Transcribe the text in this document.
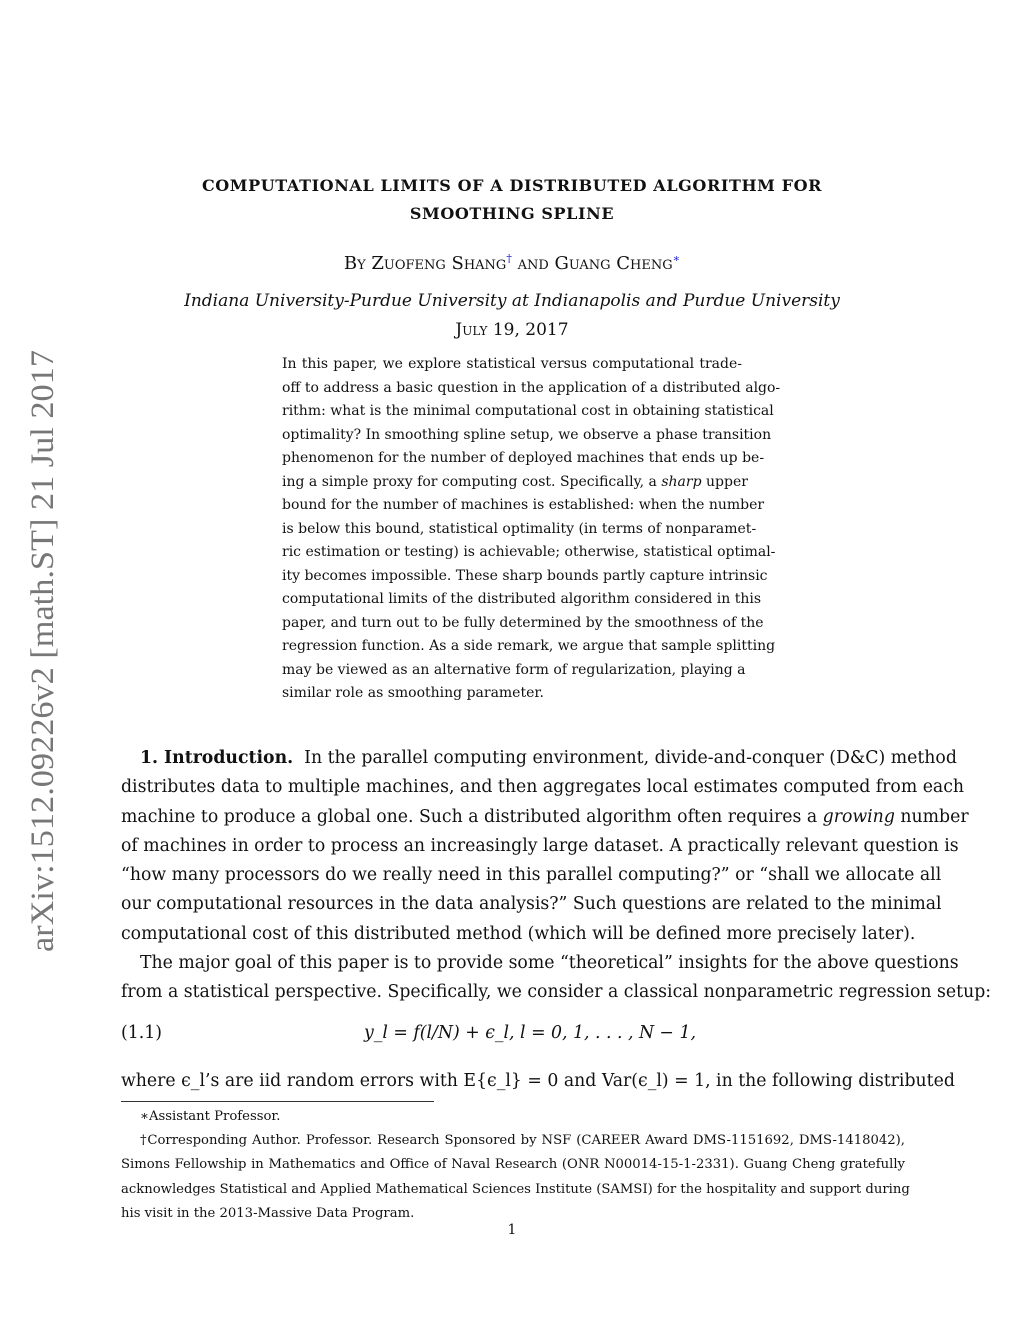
arXiv:1512.09226v2 [math.ST] 21 Jul 2017
COMPUTATIONAL LIMITS OF A DISTRIBUTED ALGORITHM FOR
SMOOTHING SPLINE
By Zuofeng Shang† and Guang Cheng∗
Indiana University-Purdue University at Indianapolis and Purdue University
July 19, 2017
In this paper, we explore statistical versus computational trade-
off to address a basic question in the application of a distributed algo-
rithm: what is the minimal computational cost in obtaining statistical
optimality? In smoothing spline setup, we observe a phase transition
phenomenon for the number of deployed machines that ends up be-
ing a simple proxy for computing cost. Specifically, a sharp upper
bound for the number of machines is established: when the number
is below this bound, statistical optimality (in terms of nonparamet-
ric estimation or testing) is achievable; otherwise, statistical optimal-
ity becomes impossible. These sharp bounds partly capture intrinsic
computational limits of the distributed algorithm considered in this
paper, and turn out to be fully determined by the smoothness of the
regression function. As a side remark, we argue that sample splitting
may be viewed as an alternative form of regularization, playing a
similar role as smoothing parameter.
1. Introduction. In the parallel computing environment, divide-and-conquer (D&C) method
distributes data to multiple machines, and then aggregates local estimates computed from each
machine to produce a global one. Such a distributed algorithm often requires a growing number
of machines in order to process an increasingly large dataset. A practically relevant question is
“how many processors do we really need in this parallel computing?” or “shall we allocate all
our computational resources in the data analysis?” Such questions are related to the minimal
computational cost of this distributed method (which will be defined more precisely later).
The major goal of this paper is to provide some “theoretical” insights for the above questions
from a statistical perspective. Specifically, we consider a classical nonparametric regression setup:
(1.1)	y_l = f(l/N) + ϵ_l, l = 0, 1, . . . , N − 1,
where ϵ_l’s are iid random errors with E{ϵ_l} = 0 and Var(ϵ_l) = 1, in the following distributed
∗Assistant Professor.
†Corresponding Author. Professor. Research Sponsored by NSF (CAREER Award DMS-1151692, DMS-1418042),
Simons Fellowship in Mathematics and Office of Naval Research (ONR N00014-15-1-2331). Guang Cheng gratefully
acknowledges Statistical and Applied Mathematical Sciences Institute (SAMSI) for the hospitality and support during
his visit in the 2013-Massive Data Program.
1
